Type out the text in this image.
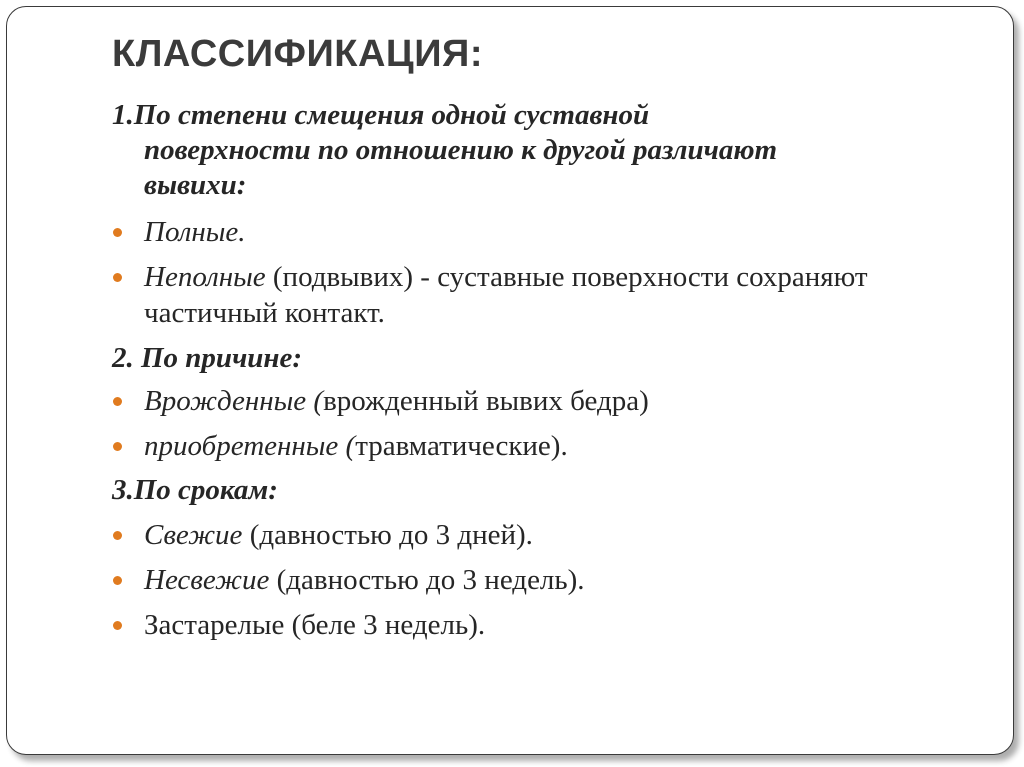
КЛАССИФИКАЦИЯ:

1.По степени смещения одной суставной
поверхности по отношению к другой различают
вывихи:

Полные.
Неполные (подвывих) - суставные поверхности сохраняют частичный контакт.

2. По причине:

Врожденные (врожденный вывих бедра)
приобретенные (травматические).

3.По срокам:

Свежие (давностью до 3 дней).
Несвежие (давностью до 3 недель).
Застарелые (беле 3 недель).
